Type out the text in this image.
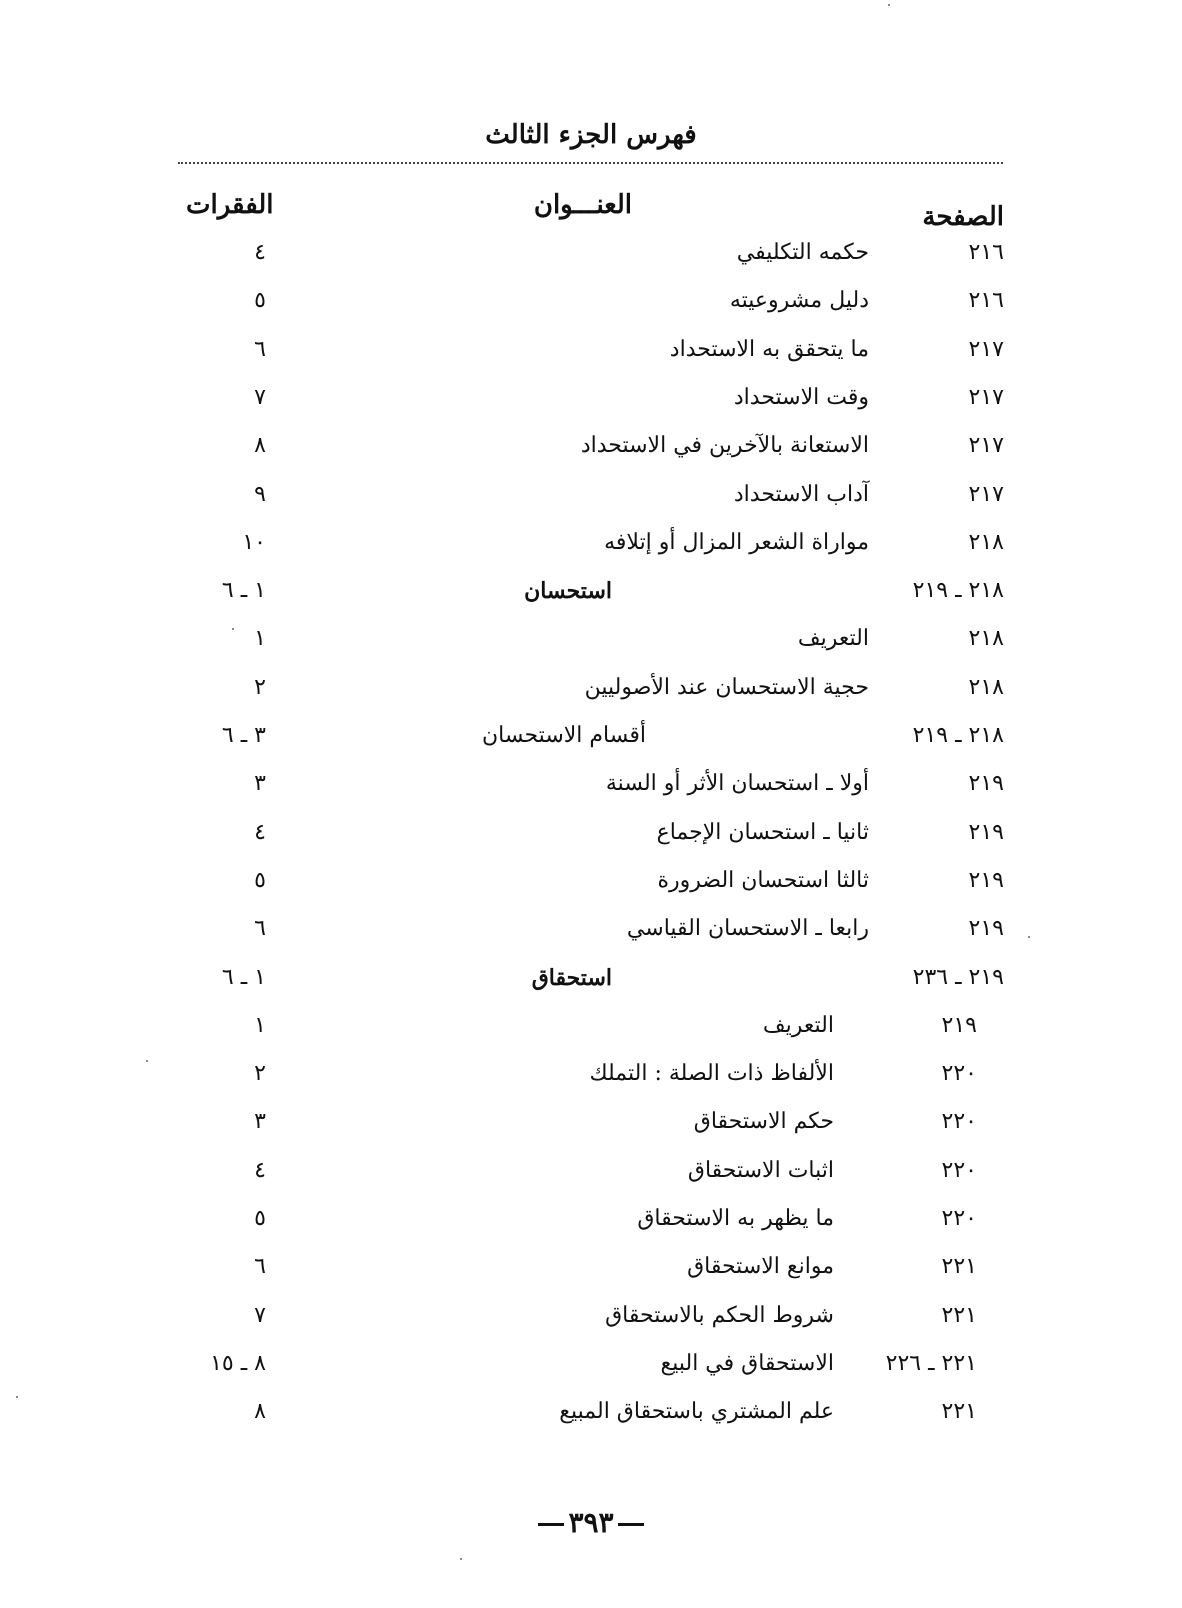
فهرس الجزء الثالث
الصفحة
العنـــوان
الفقرات
٢١٦
حكمه التكليفي
٤
٢١٦
دليل مشروعيته
٥
٢١٧
ما يتحقق به الاستحداد
٦
٢١٧
وقت الاستحداد
٧
٢١٧
الاستعانة بالآخرين في الاستحداد
٨
٢١٧
آداب الاستحداد
٩
٢١٨
مواراة الشعر المزال أو إتلافه
١٠
٢١٨ ـ ٢١٩
استحسان
١ ـ ٦
٢١٨
التعريف
١
٢١٨
حجية الاستحسان عند الأصوليين
٢
٢١٨ ـ ٢١٩
أقسام الاستحسان
٣ ـ ٦
٢١٩
أولا ـ استحسان الأثر أو السنة
٣
٢١٩
ثانيا ـ استحسان الإجماع
٤
٢١٩
ثالثا استحسان الضرورة
٥
٢١٩
رابعا ـ الاستحسان القياسي
٦
٢١٩ ـ ٢٣٦
استحقاق
١ ـ ٦
٢١٩
التعريف
١
٢٢٠
الألفاظ ذات الصلة : التملك
٢
٢٢٠
حكم الاستحقاق
٣
٢٢٠
اثبات الاستحقاق
٤
٢٢٠
ما يظهر به الاستحقاق
٥
٢٢١
موانع الاستحقاق
٦
٢٢١
شروط الحكم بالاستحقاق
٧
٢٢١ ـ ٢٢٦
الاستحقاق في البيع
٨ ـ ١٥
٢٢١
علم المشتري باستحقاق المبيع
٨
٣٩٣
